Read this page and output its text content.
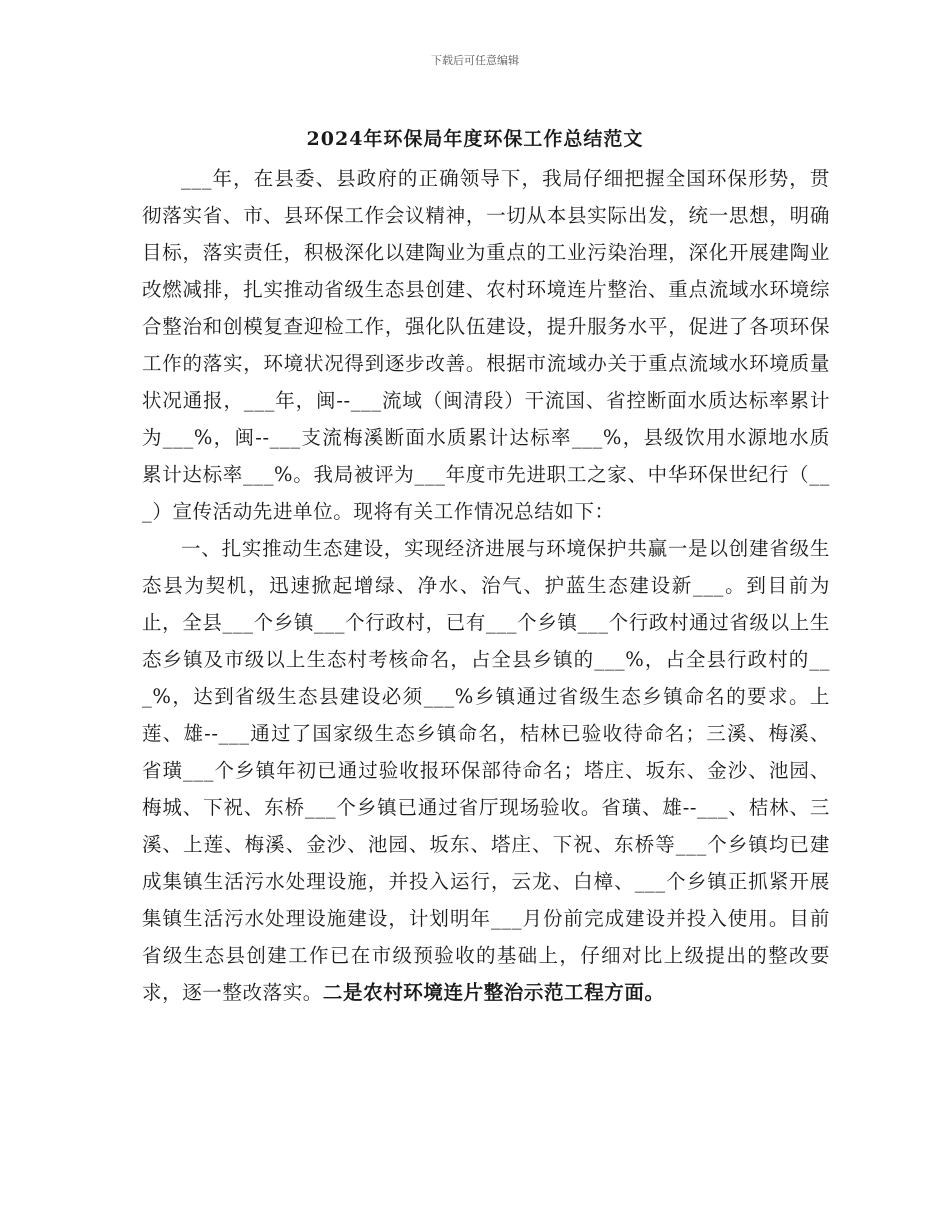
下载后可任意编辑
2024年环保局年度环保工作总结范文

___年，在县委、县政府的正确领导下，我局仔细把握全国环保形势，贯彻落实省、市、县环保工作会议精神，一切从本县实际出发，统一思想，明确目标，落实责任，积极深化以建陶业为重点的工业污染治理，深化开展建陶业改燃减排，扎实推动省级生态县创建、农村环境连片整治、重点流域水环境综合整治和创模复查迎检工作，强化队伍建设，提升服务水平，促进了各项环保工作的落实，环境状况得到逐步改善。根据市流域办关于重点流域水环境质量状况通报，___年，闽--___流域（闽清段）干流国、省控断面水质达标率累计为___%，闽--___支流梅溪断面水质累计达标率___%，县级饮用水源地水质累计达标率___%。我局被评为___年度市先进职工之家、中华环保世纪行（___）宣传活动先进单位。现将有关工作情况总结如下：

一、扎实推动生态建设，实现经济进展与环境保护共赢一是以创建省级生态县为契机，迅速掀起增绿、净水、治气、护蓝生态建设新___。到目前为止，全县___个乡镇___个行政村，已有___个乡镇___个行政村通过省级以上生态乡镇及市级以上生态村考核命名，占全县乡镇的___%，占全县行政村的___%，达到省级生态县建设必须___%乡镇通过省级生态乡镇命名的要求。上莲、雄--___通过了国家级生态乡镇命名，桔林已验收待命名；三溪、梅溪、省璜___个乡镇年初已通过验收报环保部待命名；塔庄、坂东、金沙、池园、梅城、下祝、东桥___个乡镇已通过省厅现场验收。省璜、雄--___、桔林、三溪、上莲、梅溪、金沙、池园、坂东、塔庄、下祝、东桥等___个乡镇均已建成集镇生活污水处理设施，并投入运行，云龙、白樟、___个乡镇正抓紧开展集镇生活污水处理设施建设，计划明年___月份前完成建设并投入使用。目前省级生态县创建工作已在市级预验收的基础上，仔细对比上级提出的整改要求，逐一整改落实。二是农村环境连片整治示范工程方面。
